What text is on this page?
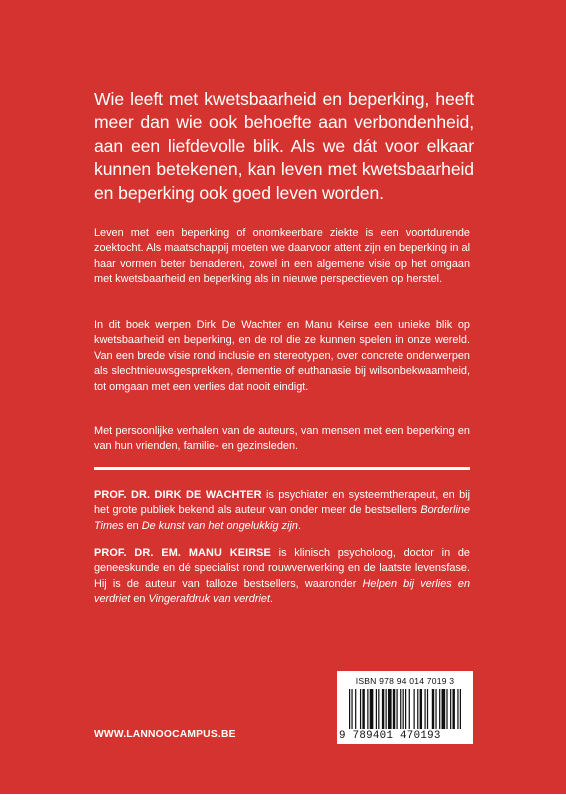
Wie leeft met kwetsbaarheid en beperking, heeft meer dan wie ook behoefte aan verbondenheid, aan een liefdevolle blik. Als we dát voor elkaar kunnen betekenen, kan leven met kwetsbaarheid en beperking ook goed leven worden.
Leven met een beperking of onomkeerbare ziekte is een voortdurende zoektocht. Als maatschappij moeten we daarvoor attent zijn en beperking in al haar vormen beter benaderen, zowel in een algemene visie op het omgaan met kwetsbaarheid en beperking als in nieuwe perspectieven op herstel.
In dit boek werpen Dirk De Wachter en Manu Keirse een unieke blik op kwetsbaarheid en beperking, en de rol die ze kunnen spelen in onze wereld. Van een brede visie rond inclusie en stereotypen, over concrete onderwerpen als slechtnieuwsgesprekken, dementie of euthanasie bij wilsonbekwaamheid, tot omgaan met een verlies dat nooit eindigt.
Met persoonlijke verhalen van de auteurs, van mensen met een beperking en van hun vrienden, familie- en gezinsleden.
PROF. DR. DIRK DE WACHTER is psychiater en systeemtherapeut, en bij het grote publiek bekend als auteur van onder meer de bestsellers Borderline Times en De kunst van het ongelukkig zijn.
PROF. DR. EM. MANU KEIRSE is klinisch psycholoog, doctor in de geneeskunde en dé specialist rond rouwverwerking en de laatste levensfase. Hij is de auteur van talloze bestsellers, waaronder Helpen bij verlies en verdriet en Vingerafdruk van verdriet.
ISBN 978 94 014 7019 3
9 789401 470193
WWW.LANNOOCAMPUS.BE
